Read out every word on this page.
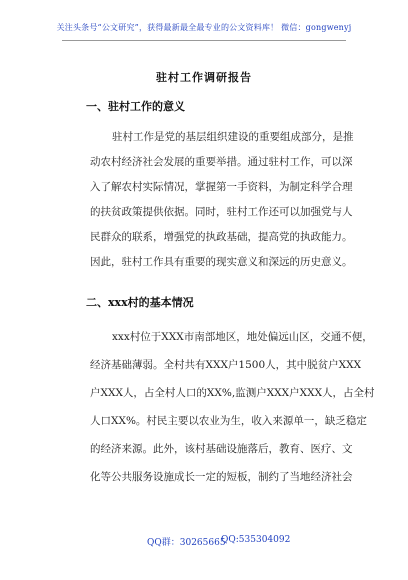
关注头条号“公文研究”，获得最新最全最专业的公文资料库！ 微信：gongwenyj
驻村工作调研报告
一、驻村工作的意义
驻村工作是党的基层组织建设的重要组成部分，是推
动农村经济社会发展的重要举措。通过驻村工作，可以深
入了解农村实际情况，掌握第一手资料，为制定科学合理
的扶贫政策提供依据。同时，驻村工作还可以加强党与人
民群众的联系，增强党的执政基础，提高党的执政能力。
因此，驻村工作具有重要的现实意义和深远的历史意义。
二、xxx村的基本情况
xxx村位于XXX市南部地区，地处偏远山区，交通不便，
经济基础薄弱。全村共有XXX户1500人，其中脱贫户XXX
户XXX人，占全村人口的XX%,监测户XXX户XXX人，占全村
人口XX%。村民主要以农业为生，收入来源单一，缺乏稳定
的经济来源。此外，该村基础设施落后，教育、医疗、文
化等公共服务设施成长一定的短板，制约了当地经济社会
QQ群：30265665
QQ:535304092
